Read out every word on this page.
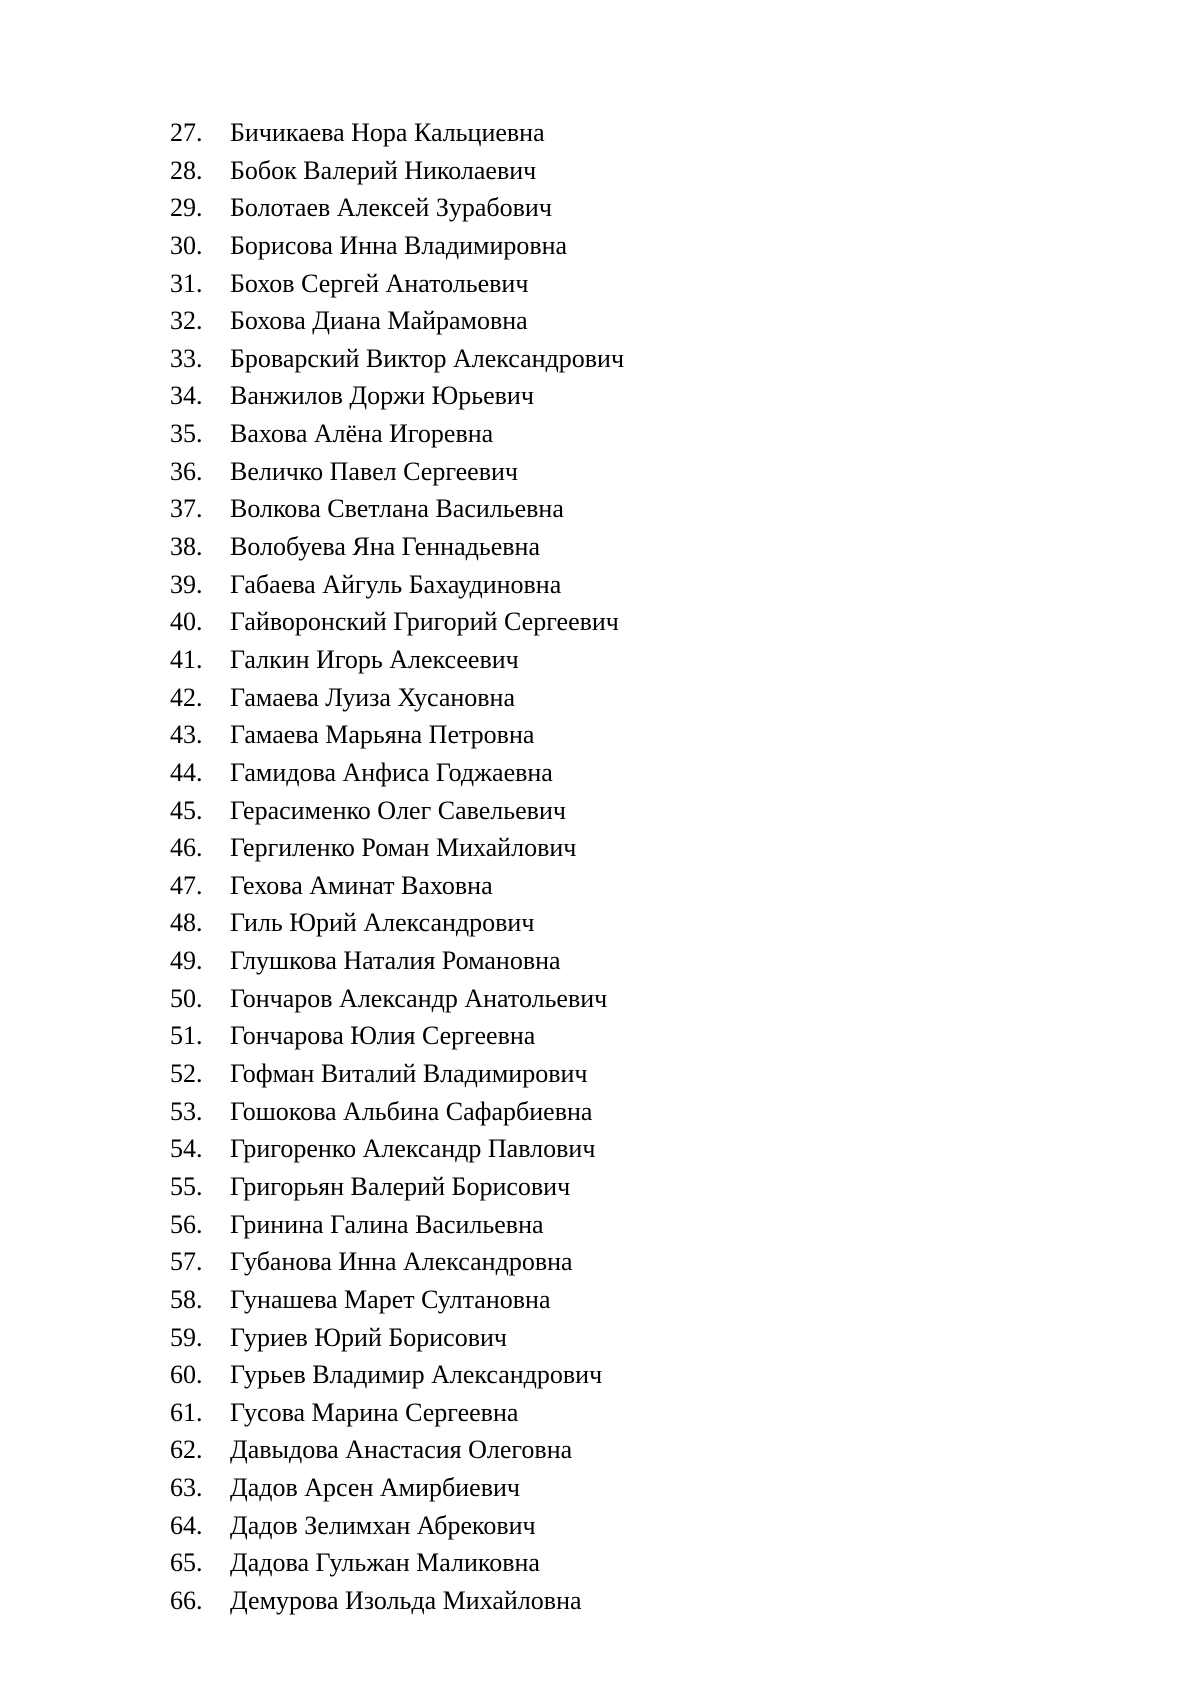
27.	Бичикаева Нора Кальциевна
28.	Бобок Валерий Николаевич
29.	Болотаев Алексей Зурабович
30.	Борисова Инна Владимировна
31.	Бохов Сергей Анатольевич
32.	Бохова Диана Майрамовна
33.	Броварский Виктор Александрович
34.	Ванжилов Доржи Юрьевич
35.	Вахова Алёна Игоревна
36.	Величко Павел Сергеевич
37.	Волкова Светлана Васильевна
38.	Волобуева Яна Геннадьевна
39.	Габаева Айгуль Бахаудиновна
40.	Гайворонский Григорий Сергеевич
41.	Галкин Игорь Алексеевич
42.	Гамаева Луиза Хусановна
43.	Гамаева Марьяна Петровна
44.	Гамидова Анфиса Годжаевна
45.	Герасименко Олег Савельевич
46.	Гергиленко Роман Михайлович
47.	Гехова Аминат Ваховна
48.	Гиль Юрий Александрович
49.	Глушкова Наталия Романовна
50.	Гончаров Александр Анатольевич
51.	Гончарова Юлия Сергеевна
52.	Гофман Виталий Владимирович
53.	Гошокова Альбина Сафарбиевна
54.	Григоренко Александр Павлович
55.	Григорьян Валерий Борисович
56.	Гринина Галина Васильевна
57.	Губанова Инна Александровна
58.	Гунашева Марет Султановна
59.	Гуриев Юрий Борисович
60.	Гурьев Владимир Александрович
61.	Гусова Марина Сергеевна
62.	Давыдова Анастасия Олеговна
63.	Дадов Арсен Амирбиевич
64.	Дадов Зелимхан Абрекович
65.	Дадова Гульжан Маликовна
66.	Демурова Изольда Михайловна
